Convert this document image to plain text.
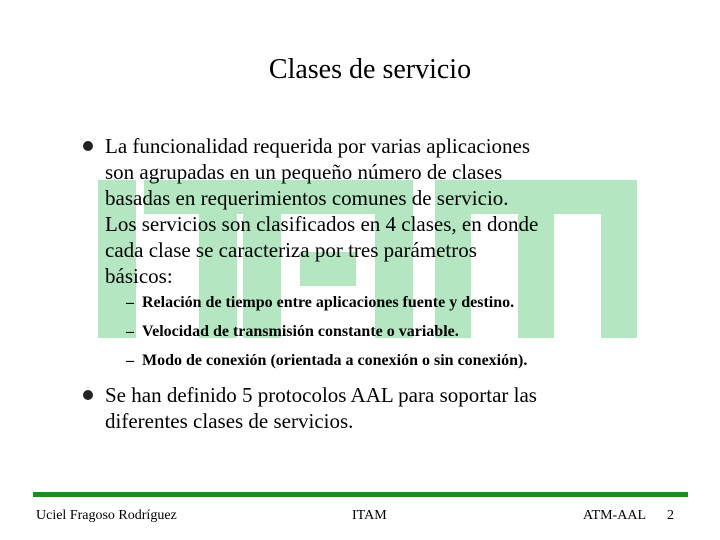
Clases de servicio
La funcionalidad requerida por varias aplicaciones
son agrupadas en un pequeño número de clases
basadas en requerimientos comunes de servicio.
Los servicios son clasificados en 4 clases, en donde
cada clase se caracteriza por tres parámetros
básicos:
– Relación de tiempo entre aplicaciones fuente y destino.
– Velocidad de transmisión constante o variable.
– Modo de conexión (orientada a conexión o sin conexión).
Se han definido 5 protocolos AAL para soportar las
diferentes clases de servicios.
Uciel Fragoso Rodríguez	ITAM	ATM-AAL 2
